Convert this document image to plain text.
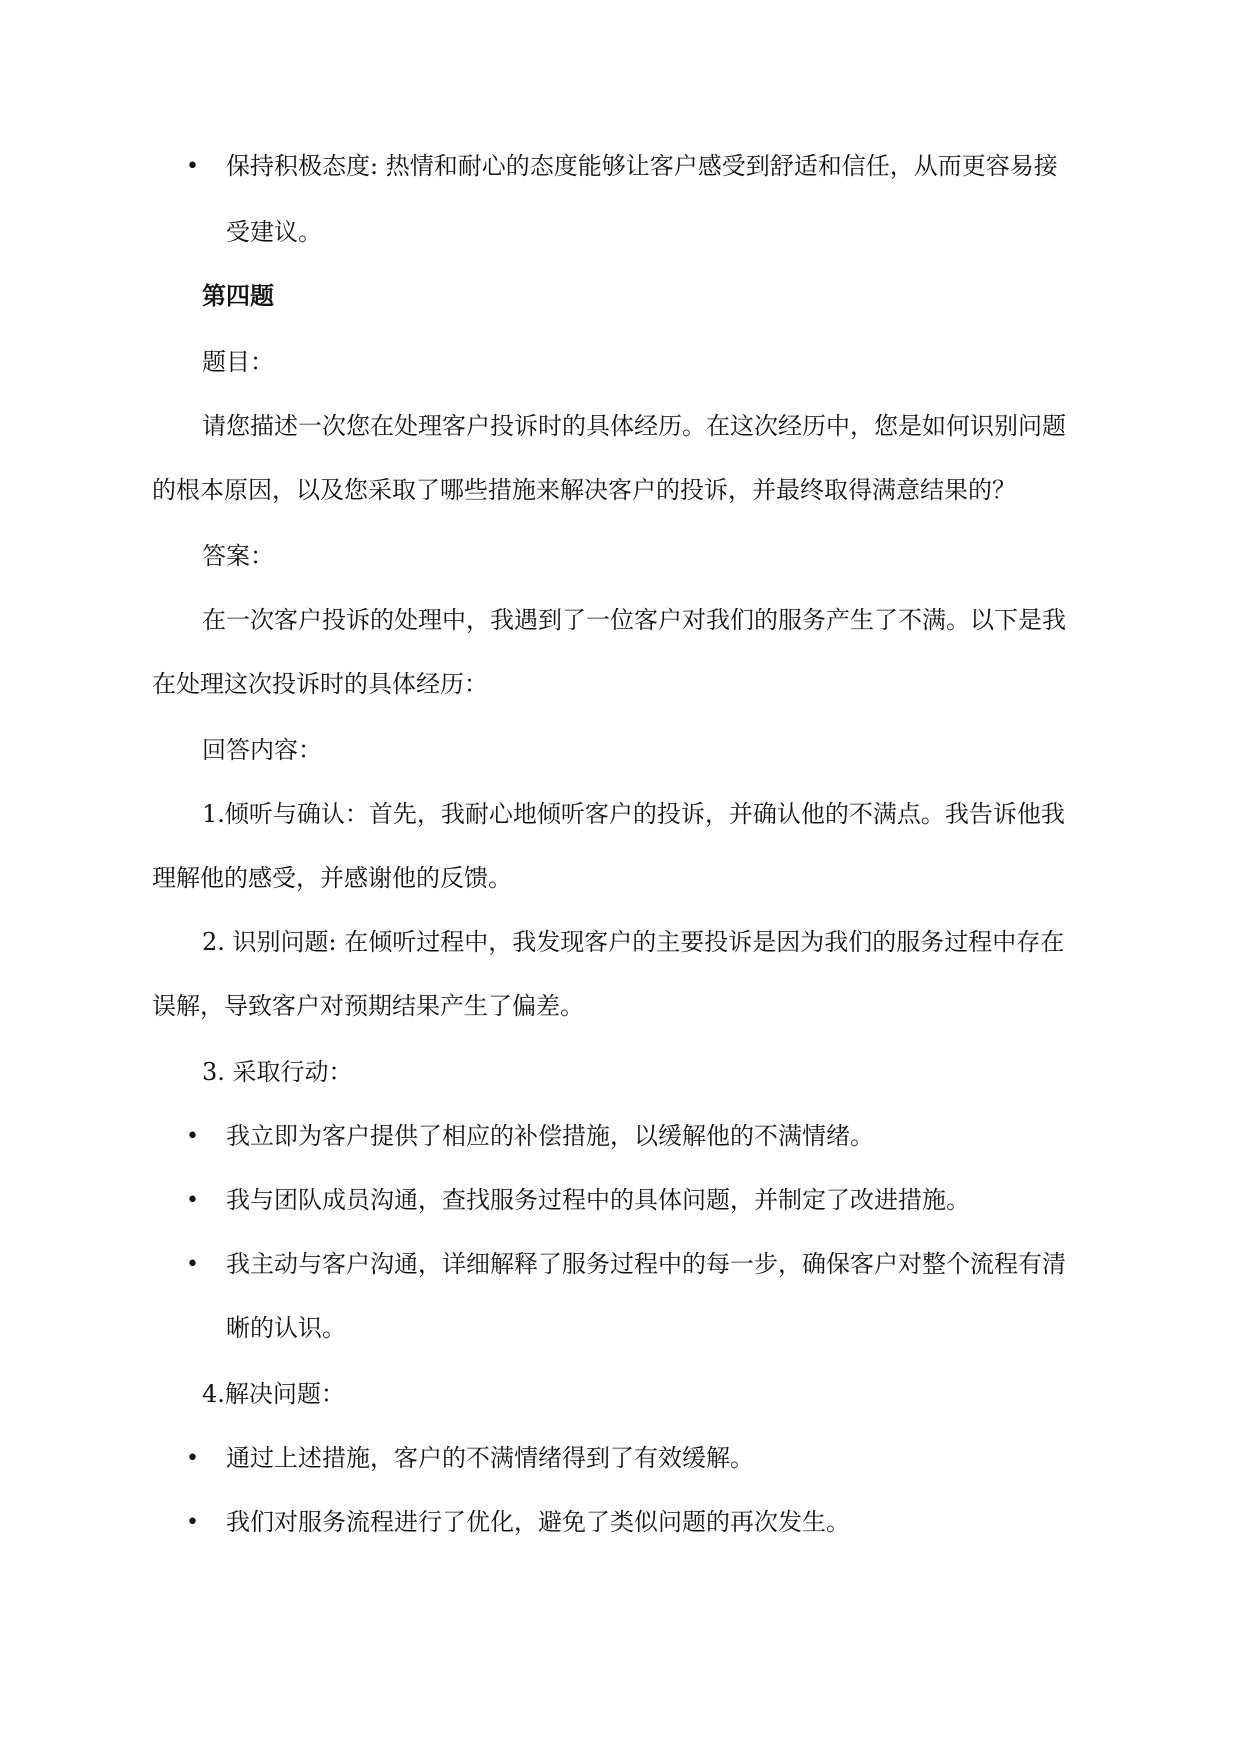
• 保持积极态度: 热情和耐心的态度能够让客户感受到舒适和信任，从而更容易接
受建议。
第四题
题目：
请您描述一次您在处理客户投诉时的具体经历。在这次经历中，您是如何识别问题
的根本原因，以及您采取了哪些措施来解决客户的投诉，并最终取得满意结果的？
答案：
在一次客户投诉的处理中，我遇到了一位客户对我们的服务产生了不满。以下是我
在处理这次投诉时的具体经历：
回答内容：
1.倾听与确认：首先，我耐心地倾听客户的投诉，并确认他的不满点。我告诉他我
理解他的感受，并感谢他的反馈。
2. 识别问题: 在倾听过程中，我发现客户的主要投诉是因为我们的服务过程中存在
误解，导致客户对预期结果产生了偏差。
3. 采取行动：
• 我立即为客户提供了相应的补偿措施，以缓解他的不满情绪。
• 我与团队成员沟通，查找服务过程中的具体问题，并制定了改进措施。
• 我主动与客户沟通，详细解释了服务过程中的每一步，确保客户对整个流程有清
晰的认识。
4.解决问题：
• 通过上述措施，客户的不满情绪得到了有效缓解。
• 我们对服务流程进行了优化，避免了类似问题的再次发生。
